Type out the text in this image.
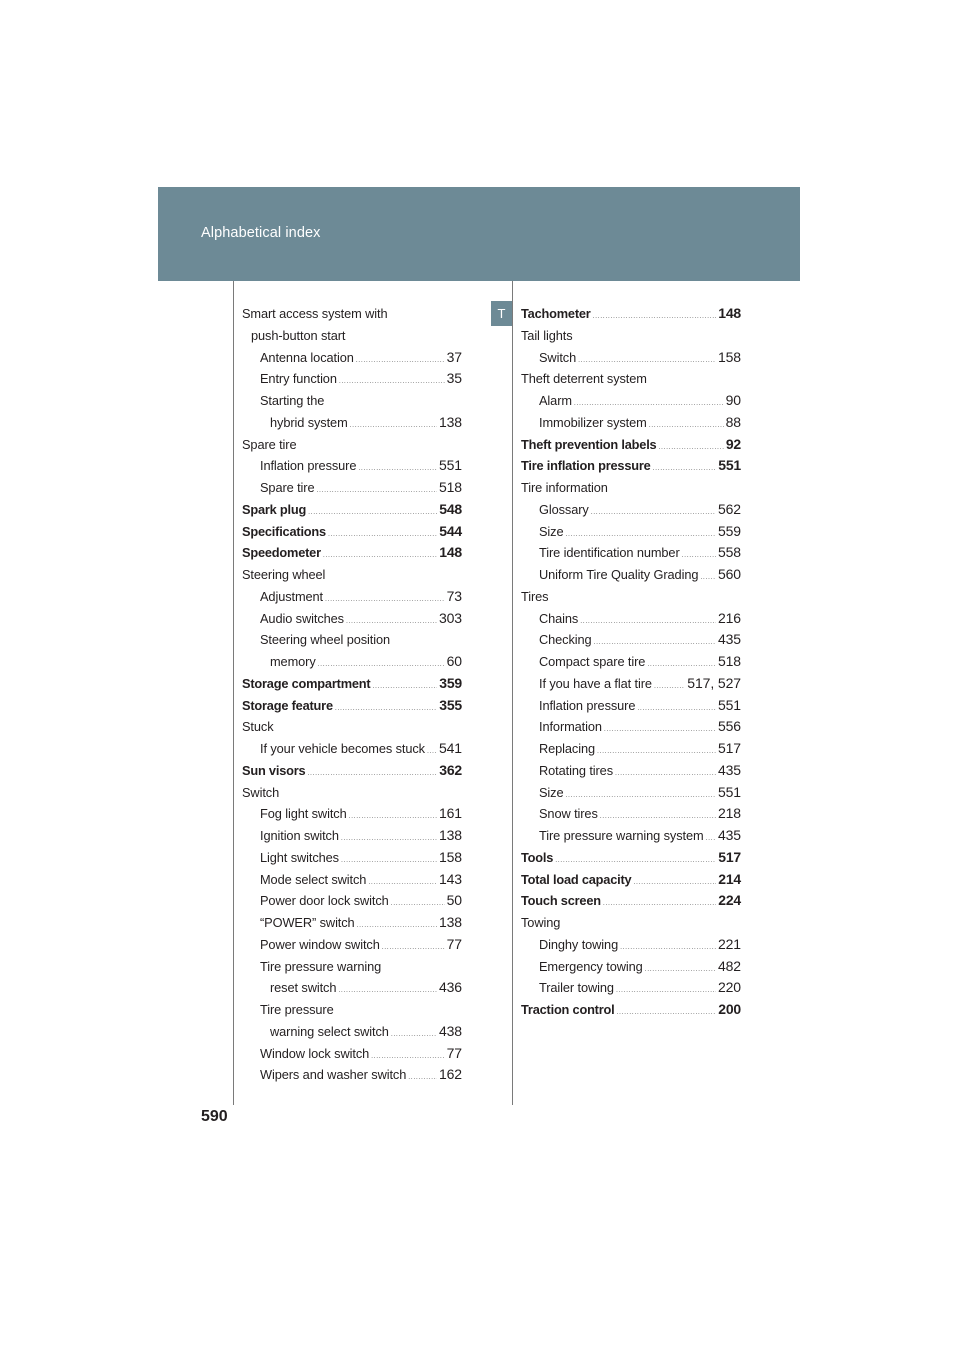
Alphabetical index
T
Smart access system with
push-button start
Antenna location .....	37
Entry function .....	35
Starting the
hybrid system .....	138
Spare tire
Inflation pressure .....	551
Spare tire .....	518
Spark plug .....	548
Specifications .....	544
Speedometer .....	148
Steering wheel
Adjustment .....	73
Audio switches .....	303
Steering wheel position
memory .....	60
Storage compartment .....	359
Storage feature .....	355
Stuck
If your vehicle becomes stuck ..... 541
Sun visors .....	362
Switch
Fog light switch .....	161
Ignition switch .....	138
Light switches .....	158
Mode select switch .....	143
Power door lock switch .....	50
“POWER” switch .....	138
Power window switch .....	77
Tire pressure warning
reset switch .....	436
Tire pressure
warning select switch .....	438
Window lock switch .....	77
Wipers and washer switch ..... 162
Tachometer .....	148
Tail lights
Switch .....	158
Theft deterrent system
Alarm .....	90
Immobilizer system .....	88
Theft prevention labels .....	92
Tire inflation pressure .....	551
Tire information
Glossary .....	562
Size .....	559
Tire identification number .....	558
Uniform Tire Quality Grading ..... 560
Tires
Chains .....	216
Checking .....	435
Compact spare tire .....	518
If you have a flat tire .....	517, 527
Inflation pressure .....	551
Information .....	556
Replacing .....	517
Rotating tires .....	435
Size .....	551
Snow tires .....	218
Tire pressure warning system ..... 435
Tools .....	517
Total load capacity .....	214
Touch screen .....	224
Towing
Dinghy towing .....	221
Emergency towing .....	482
Trailer towing .....	220
Traction control .....	200
590
